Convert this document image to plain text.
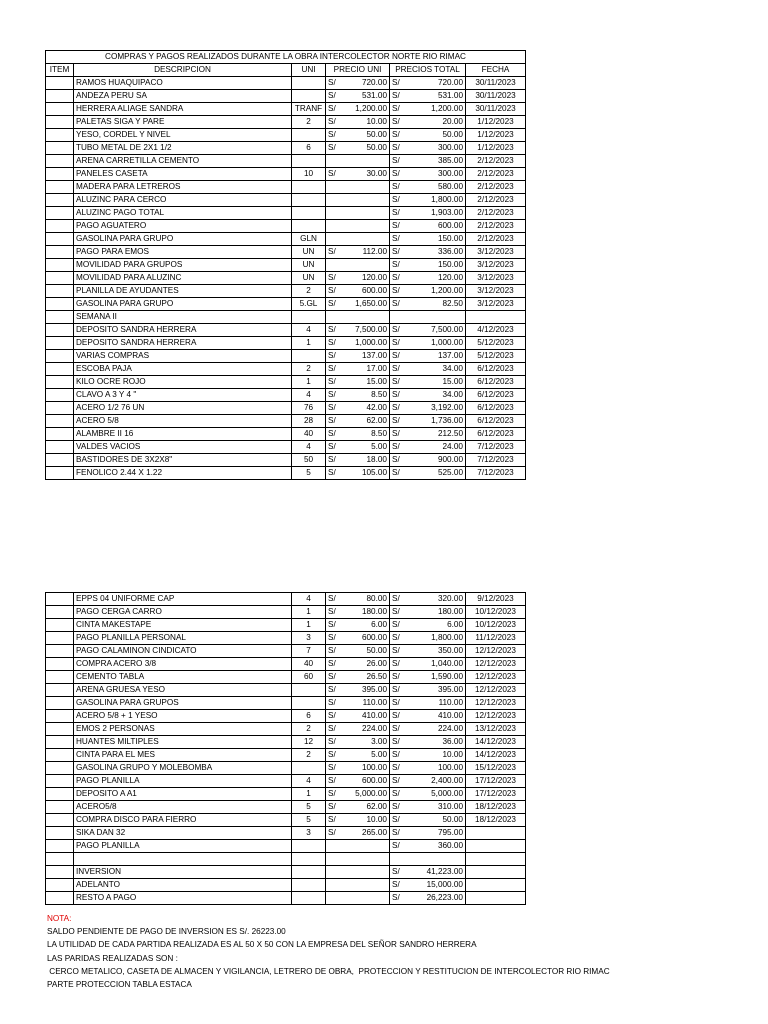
COMPRAS Y PAGOS REALIZADOS DURANTE LA OBRA INTERCOLECTOR NORTE RIO RIMAC							
ITEM	DESCRIPCION	UNI	PRECIO UNI		PRECIOS TOTAL		FECHA
	RAMOS HUAQUIPACO		S/	720.00	S/	720.00	30/11/2023
	ANDEZA PERU SA		S/	531.00	S/	531.00	30/11/2023
	HERRERA ALIAGE SANDRA	TRANF	S/	1,200.00	S/	1,200.00	30/11/2023
	PALETAS SIGA Y PARE	2	S/	10.00	S/	20.00	1/12/2023
	YESO, CORDEL Y NIVEL		S/	50.00	S/	50.00	1/12/2023
	TUBO METAL DE 2X1 1/2	6	S/	50.00	S/	300.00	1/12/2023
	ARENA CARRETILLA CEMENTO				S/	385.00	2/12/2023
	PANELES CASETA	10	S/	30.00	S/	300.00	2/12/2023
	MADERA PARA LETREROS				S/	580.00	2/12/2023
	ALUZINC PARA CERCO				S/	1,800.00	2/12/2023
	ALUZINC PAGO TOTAL				S/	1,903.00	2/12/2023
	PAGO AGUATERO				S/	600.00	2/12/2023
	GASOLINA PARA GRUPO	GLN			S/	150.00	2/12/2023
	PAGO PARA EMOS	UN	S/	112.00	S/	336.00	3/12/2023
	MOVILIDAD PARA GRUPOS	UN			S/	150.00	3/12/2023
	MOVILIDAD PARA ALUZINC	UN	S/	120.00	S/	120.00	3/12/2023
	PLANILLA DE AYUDANTES	2	S/	600.00	S/	1,200.00	3/12/2023
	GASOLINA PARA GRUPO	5.GL	S/	1,650.00	S/	82.50	3/12/2023
	SEMANA II						
	DEPOSITO SANDRA HERRERA	4	S/	7,500.00	S/	7,500.00	4/12/2023
	DEPOSITO SANDRA HERRERA	1	S/	1,000.00	S/	1,000.00	5/12/2023
	VARIAS COMPRAS		S/	137.00	S/	137.00	5/12/2023
	ESCOBA PAJA	2	S/	17.00	S/	34.00	6/12/2023
	KILO OCRE ROJO	1	S/	15.00	S/	15.00	6/12/2023
	CLAVO A 3 Y 4 "	4	S/	8.50	S/	34.00	6/12/2023
	ACERO 1/2 76 UN	76	S/	42.00	S/	3,192.00	6/12/2023
	ACERO 5/8	28	S/	62.00	S/	1,736.00	6/12/2023
	ALAMBRE II 16	40	S/	8.50	S/	212.50	6/12/2023
	VALDES VACIOS	4	S/	5.00	S/	24.00	7/12/2023
	BASTIDORES DE 3X2X8"	50	S/	18.00	S/	900.00	7/12/2023
	FENOLICO 2.44 X 1.22	5	S/	105.00	S/	525.00	7/12/2023
	EPPS 04 UNIFORME CAP	4	S/	80.00	S/	320.00	9/12/2023
	PAGO CERGA CARRO	1	S/	180.00	S/	180.00	10/12/2023
	CINTA MAKESTAPE	1	S/	6.00	S/	6.00	10/12/2023
	PAGO PLANILLA PERSONAL	3	S/	600.00	S/	1,800.00	11/12/2023
	PAGO CALAMINON CINDICATO	7	S/	50.00	S/	350.00	12/12/2023
	COMPRA ACERO 3/8	40	S/	26.00	S/	1,040.00	12/12/2023
	CEMENTO TABLA	60	S/	26.50	S/	1,590.00	12/12/2023
	ARENA GRUESA YESO		S/	395.00	S/	395.00	12/12/2023
	GASOLINA PARA GRUPOS		S/	110.00	S/	110.00	12/12/2023
	ACERO 5/8 + 1 YESO	6	S/	410.00	S/	410.00	12/12/2023
	EMOS 2 PERSONAS	2	S/	224.00	S/	224.00	13/12/2023
	HUANTES MILTIPLES	12	S/	3.00	S/	36.00	14/12/2023
	CINTA PARA EL MES	2	S/	5.00	S/	10.00	14/12/2023
	GASOLINA GRUPO Y MOLEBOMBA		S/	100.00	S/	100.00	15/12/2023
	PAGO PLANILLA	4	S/	600.00	S/	2,400.00	17/12/2023
	DEPOSITO A A1	1	S/	5,000.00	S/	5,000.00	17/12/2023
	ACERO5/8	5	S/	62.00	S/	310.00	18/12/2023
	COMPRA DISCO PARA FIERRO	5	S/	10.00	S/	50.00	18/12/2023
	SIKA DAN 32	3	S/	265.00	S/	795.00	
	PAGO PLANILLA				S/	360.00	

	INVERSION				S/	41,223.00	
	ADELANTO				S/	15,000.00	
	RESTO A PAGO				S/	26,223.00	
NOTA:
SALDO PENDIENTE DE PAGO DE INVERSION ES S/. 26223.00
LA UTILIDAD DE CADA PARTIDA REALIZADA ES AL 50 X 50 CON LA EMPRESA DEL SEÑOR SANDRO HERRERA
LAS PARIDAS REALIZADAS SON :
CERCO METALICO, CASETA DE ALMACEN Y VIGILANCIA, LETRERO DE OBRA,  PROTECCION Y RESTITUCION DE INTERCOLECTOR RIO RIMAC
PARTE PROTECCION TABLA ESTACA
